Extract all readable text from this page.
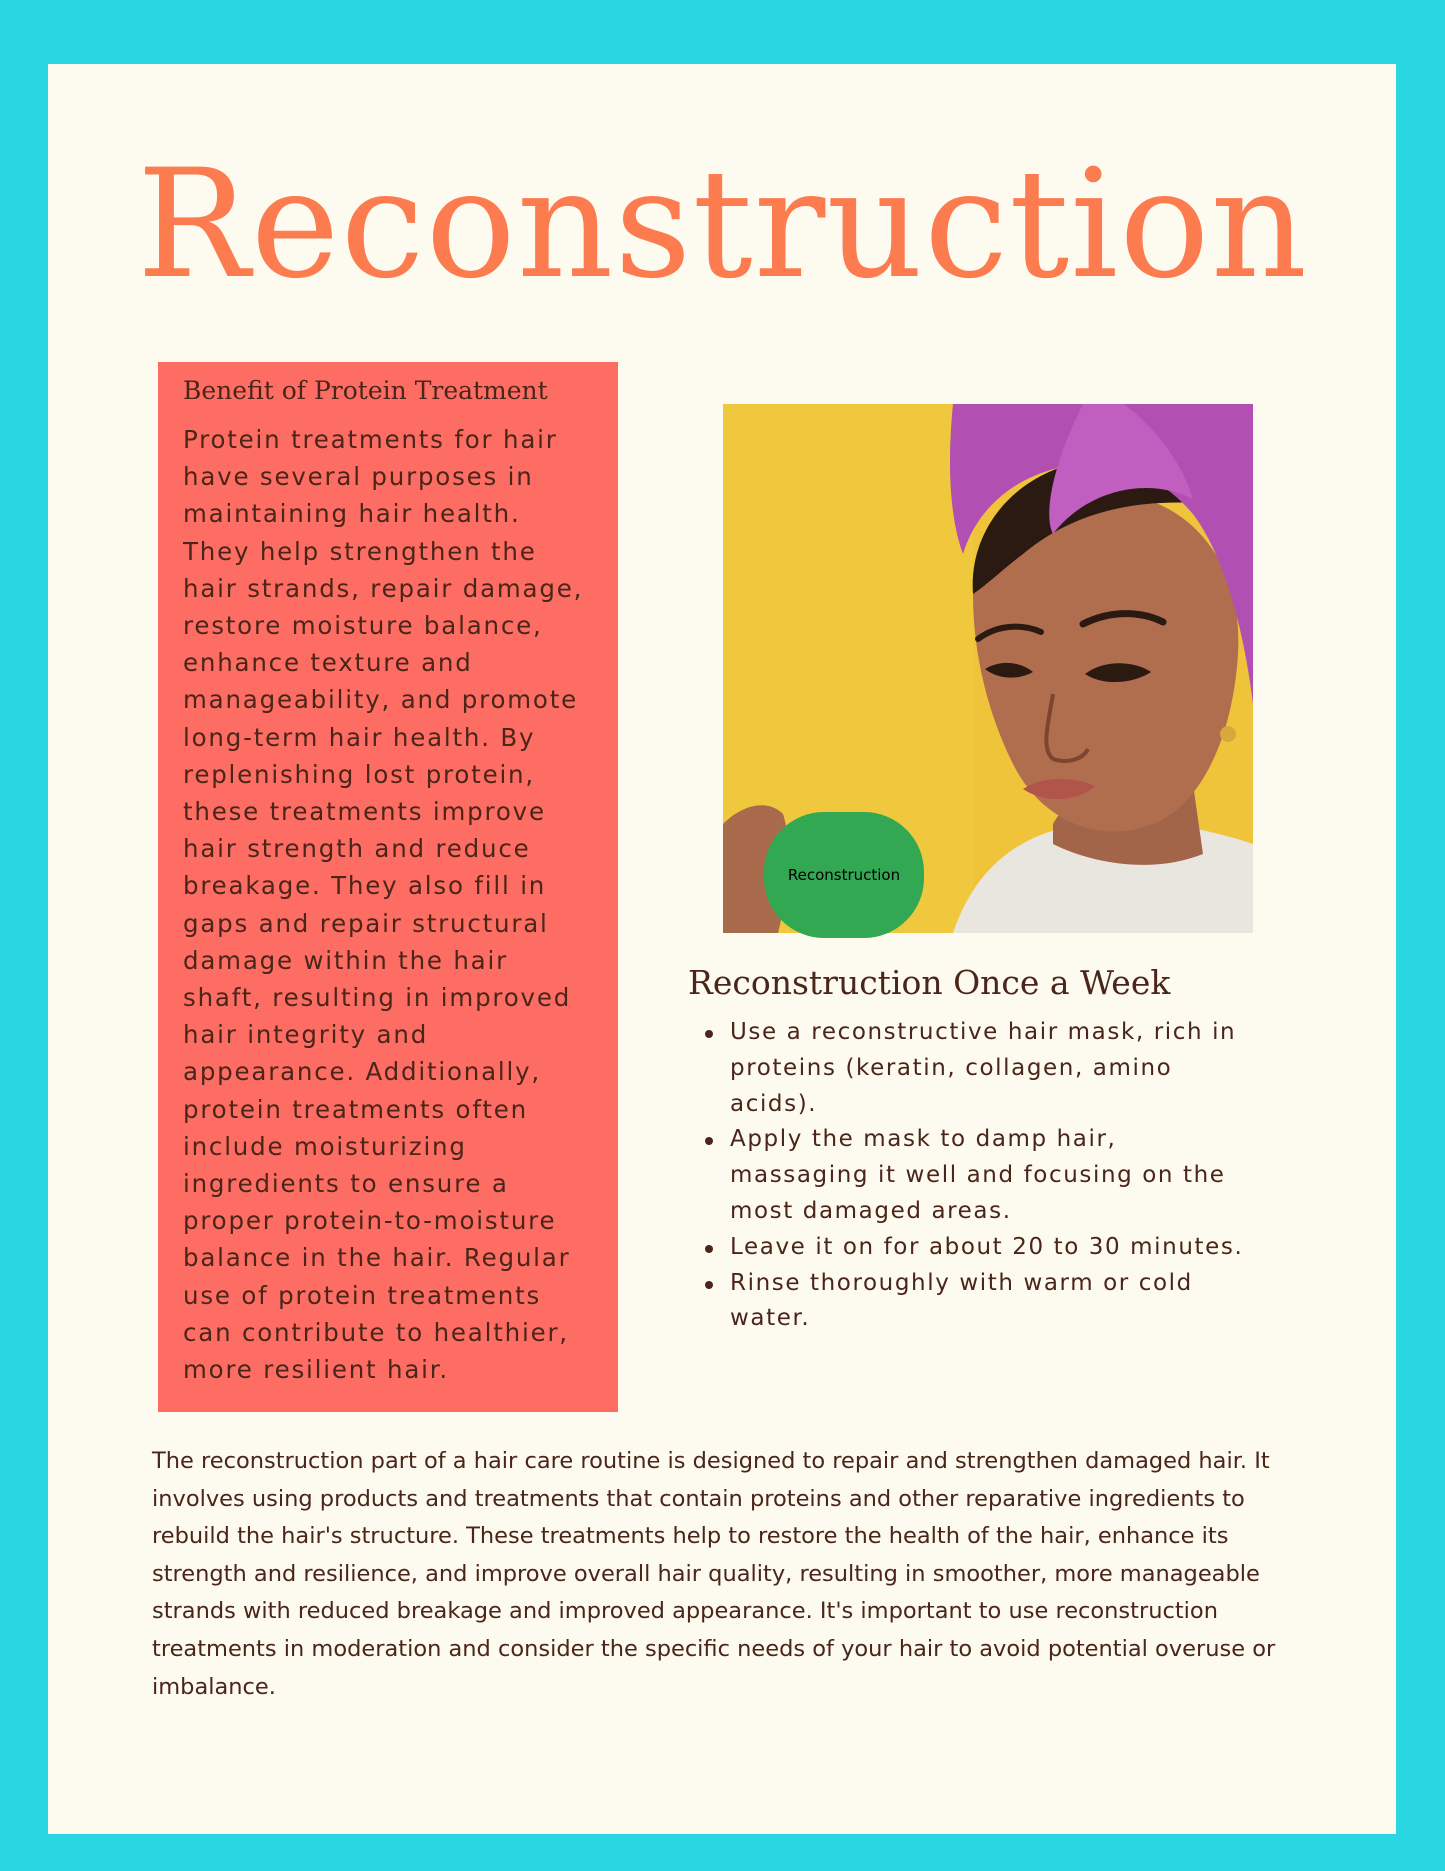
Reconstruction
Benefit of Protein Treatment

Protein treatments for hair have several purposes in maintaining hair health. They help strengthen the hair strands, repair damage, restore moisture balance, enhance texture and manageability, and promote long-term hair health. By replenishing lost protein, these treatments improve hair strength and reduce breakage. They also fill in gaps and repair structural damage within the hair shaft, resulting in improved hair integrity and appearance. Additionally, protein treatments often include moisturizing ingredients to ensure a proper protein-to-moisture balance in the hair. Regular use of protein treatments can contribute to healthier, more resilient hair.

Reconstruction
Reconstruction Once a Week
Use a reconstructive hair mask, rich in proteins (keratin, collagen, amino acids).
Apply the mask to damp hair, massaging it well and focusing on the most damaged areas.
Leave it on for about 20 to 30 minutes.
Rinse thoroughly with warm or cold water.

The reconstruction part of a hair care routine is designed to repair and strengthen damaged hair. It involves using products and treatments that contain proteins and other reparative ingredients to rebuild the hair's structure. These treatments help to restore the health of the hair, enhance its strength and resilience, and improve overall hair quality, resulting in smoother, more manageable strands with reduced breakage and improved appearance. It's important to use reconstruction treatments in moderation and consider the specific needs of your hair to avoid potential overuse or imbalance.
